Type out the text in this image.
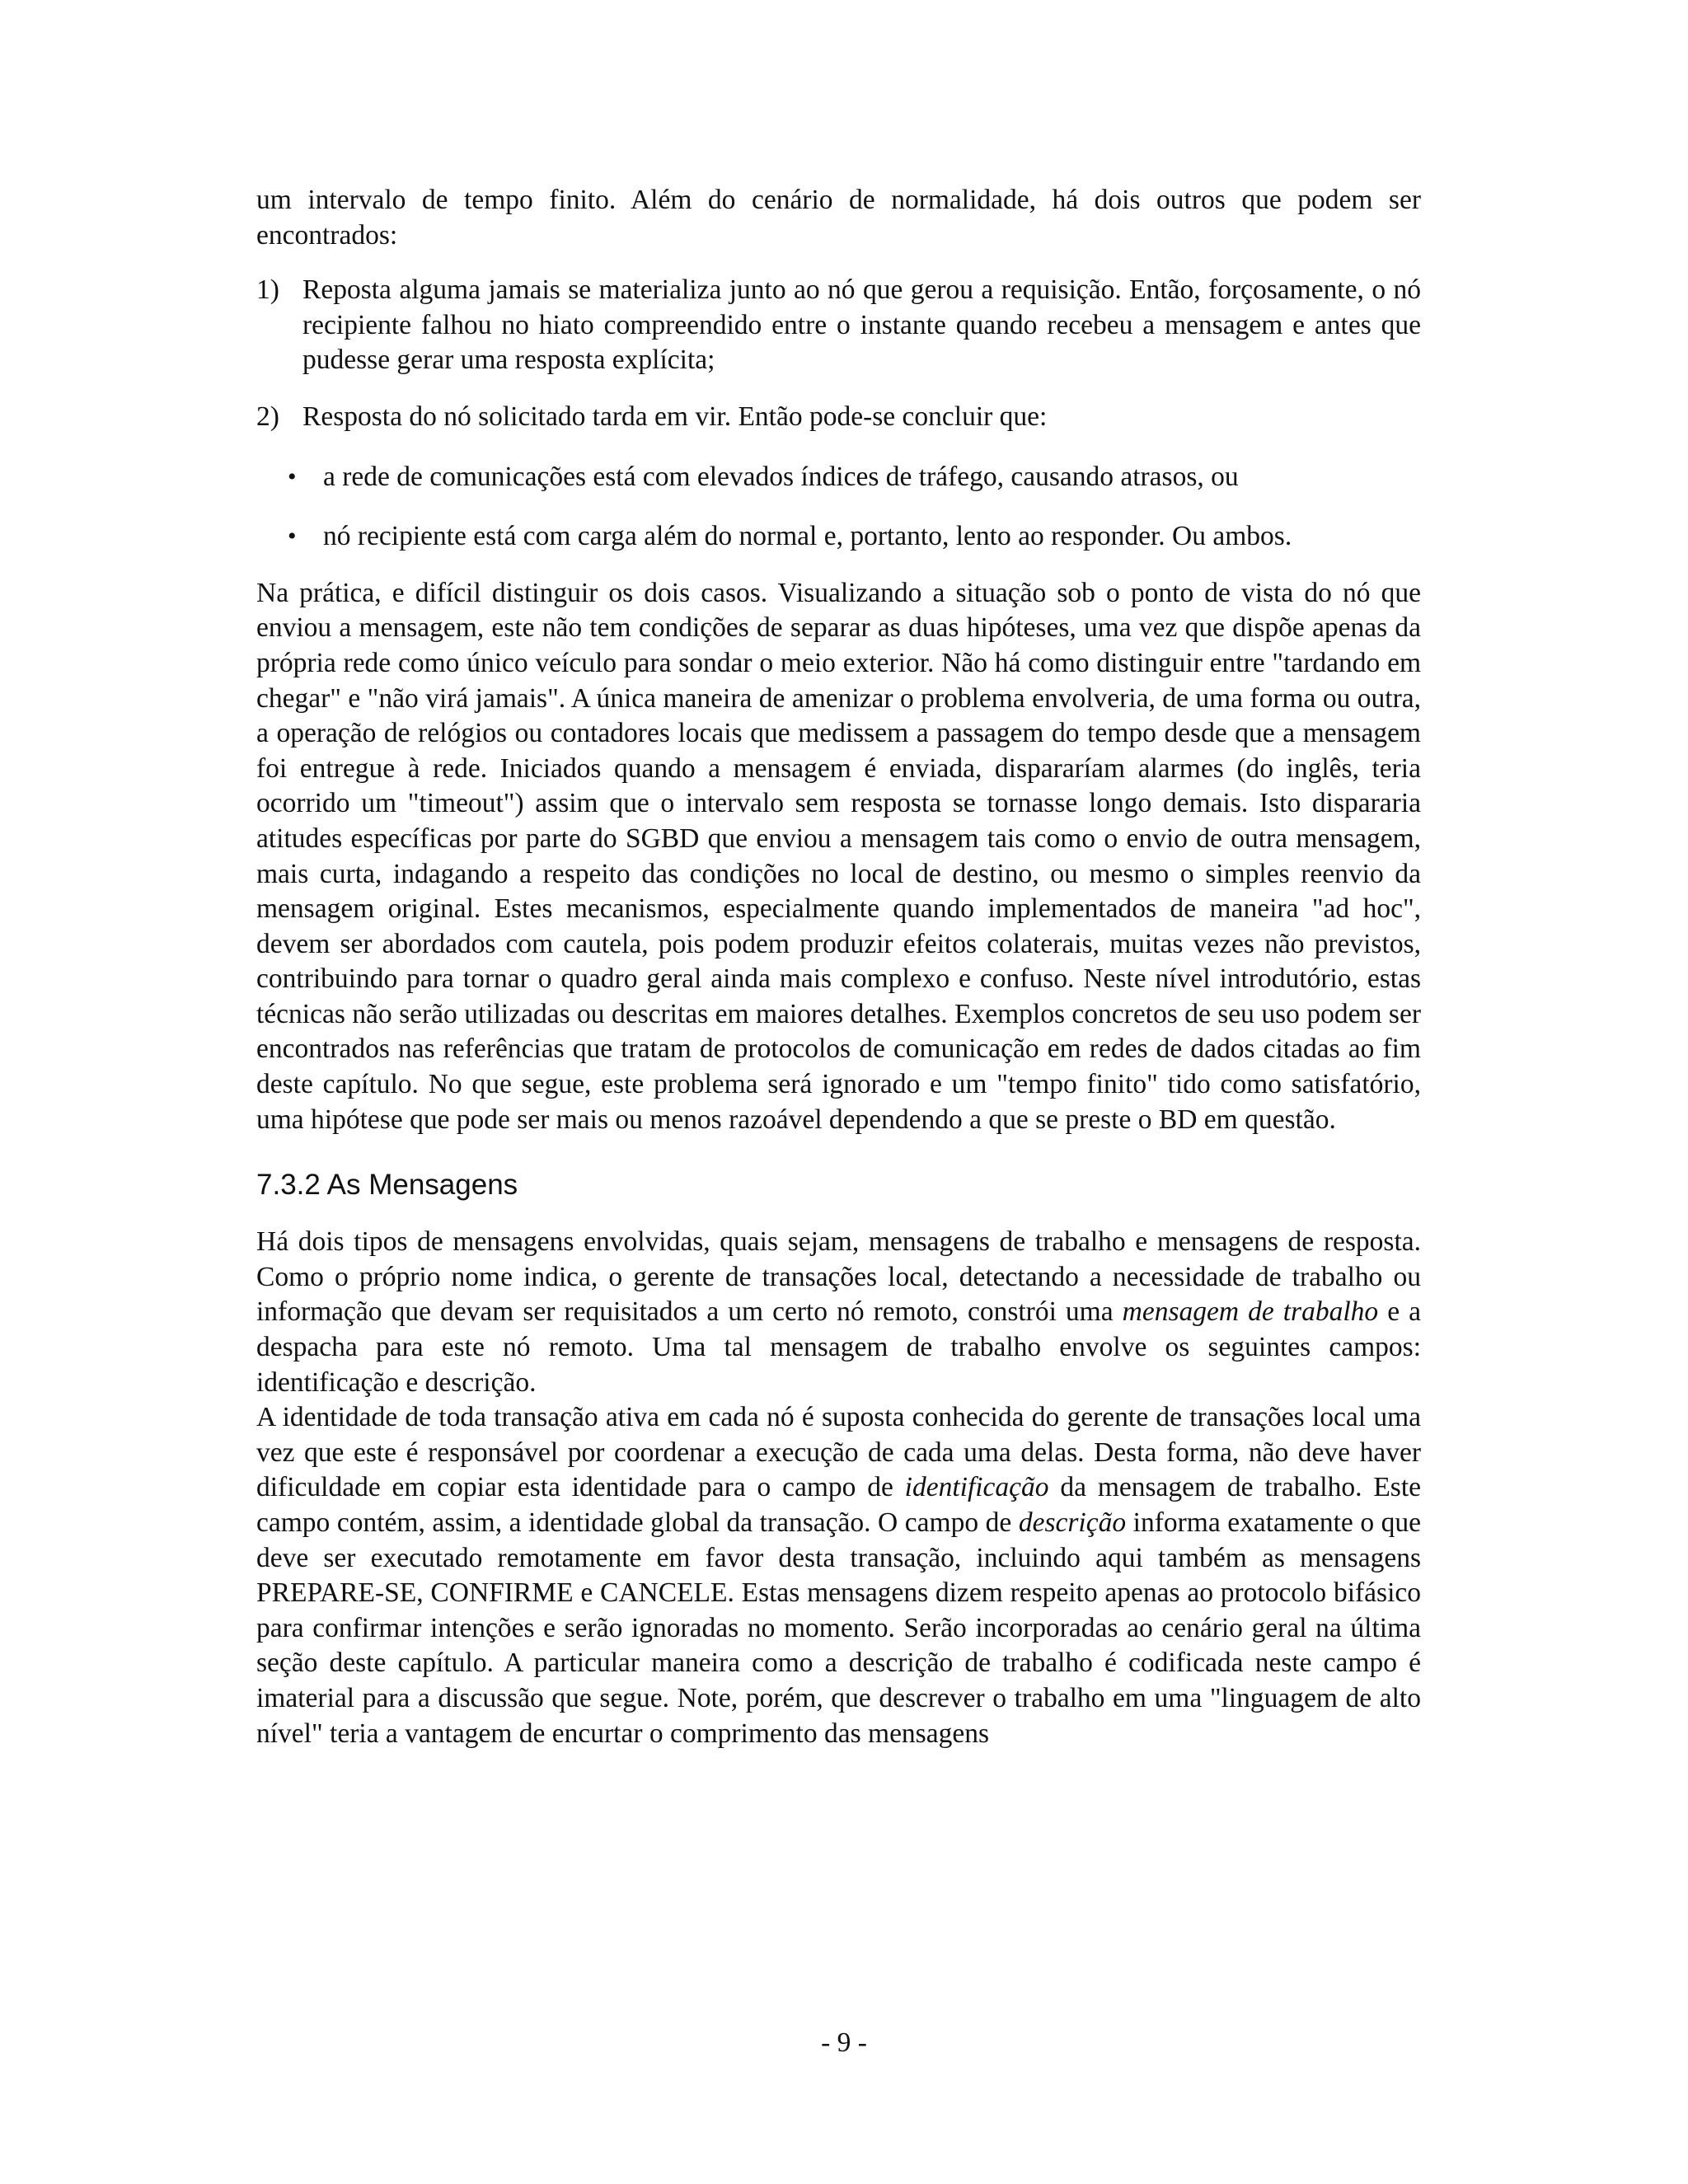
um intervalo de tempo finito. Além do cenário de normalidade, há dois outros que podem ser encontrados:

1) Reposta alguma jamais se materializa junto ao nó que gerou a requisição. Então, forçosamente, o nó recipiente falhou no hiato compreendido entre o instante quando recebeu a mensagem e antes que pudesse gerar uma resposta explícita;
2) Resposta do nó solicitado tarda em vir. Então pode-se concluir que:
• a rede de comunicações está com elevados índices de tráfego, causando atrasos, ou
• nó recipiente está com carga além do normal e, portanto, lento ao responder. Ou ambos.

Na prática, e difícil distinguir os dois casos. Visualizando a situação sob o ponto de vista do nó que enviou a mensagem, este não tem condições de separar as duas hipóteses, uma vez que dispõe apenas da própria rede como único veículo para sondar o meio exterior. Não há como distinguir entre "tardando em chegar" e "não virá jamais". A única maneira de amenizar o problema envolveria, de uma forma ou outra, a operação de relógios ou contadores locais que medissem a passagem do tempo desde que a mensagem foi entregue à rede. Iniciados quando a mensagem é enviada, dispararíam alarmes (do inglês, teria ocorrido um "timeout") assim que o intervalo sem resposta se tornasse longo demais. Isto dispararia atitudes específicas por parte do SGBD que enviou a mensagem tais como o envio de outra mensagem, mais curta, indagando a respeito das condições no local de destino, ou mesmo o simples reenvio da mensagem original. Estes mecanismos, especialmente quando implementados de maneira "ad hoc", devem ser abordados com cautela, pois podem produzir efeitos colaterais, muitas vezes não previstos, contribuindo para tornar o quadro geral ainda mais complexo e confuso. Neste nível introdutório, estas técnicas não serão utilizadas ou descritas em maiores detalhes. Exemplos concretos de seu uso podem ser encontrados nas referências que tratam de protocolos de comunicação em redes de dados citadas ao fim deste capítulo. No que segue, este problema será ignorado e um "tempo finito" tido como satisfatório, uma hipótese que pode ser mais ou menos razoável dependendo a que se preste o BD em questão.

7.3.2 As Mensagens

Há dois tipos de mensagens envolvidas, quais sejam, mensagens de trabalho e mensagens de resposta. Como o próprio nome indica, o gerente de transações local, detectando a necessidade de trabalho ou informação que devam ser requisitados a um certo nó remoto, constrói uma mensagem de trabalho e a despacha para este nó remoto. Uma tal mensagem de trabalho envolve os seguintes campos: identificação e descrição.

A identidade de toda transação ativa em cada nó é suposta conhecida do gerente de transações local uma vez que este é responsável por coordenar a execução de cada uma delas. Desta forma, não deve haver dificuldade em copiar esta identidade para o campo de identificação da mensagem de trabalho. Este campo contém, assim, a identidade global da transação. O campo de descrição informa exatamente o que deve ser executado remotamente em favor desta transação, incluindo aqui também as mensagens PREPARE-SE, CONFIRME e CANCELE. Estas mensagens dizem respeito apenas ao protocolo bifásico para confirmar intenções e serão ignoradas no momento. Serão incorporadas ao cenário geral na última seção deste capítulo. A particular maneira como a descrição de trabalho é codificada neste campo é imaterial para a discussão que segue. Note, porém, que descrever o trabalho em uma "linguagem de alto nível" teria a vantagem de encurtar o comprimento das mensagens

- 9 -
